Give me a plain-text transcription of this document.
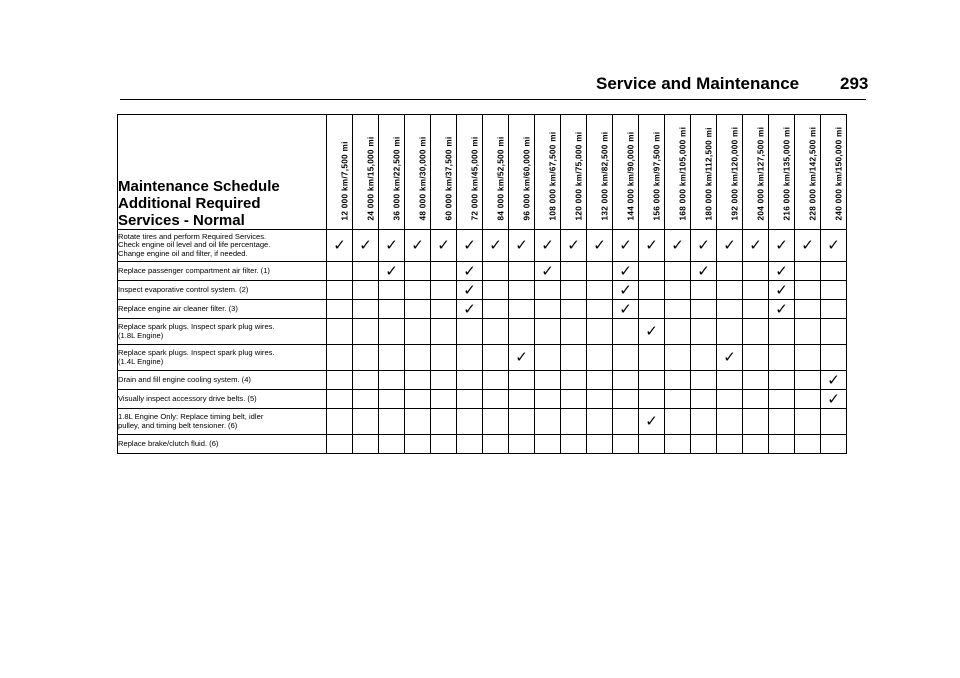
Service and Maintenance 293
Maintenance Schedule
Additional Required
Services - Normal	12 000 km/7,500 mi	24 000 km/15,000 mi	36 000 km/22,500 mi	48 000 km/30,000 mi	60 000 km/37,500 mi	72 000 km/45,000 mi	84 000 km/52,500 mi	96 000 km/60,000 mi	108 000 km/67,500 mi	120 000 km/75,000 mi	132 000 km/82,500 mi	144 000 km/90,000 mi	156 000 km/97,500 mi	168 000 km/105,000 mi	180 000 km/112,500 mi	192 000 km/120,000 mi	204 000 km/127,500 mi	216 000 km/135,000 mi	228 000 km/142,500 mi	240 000 km/150,000 mi

Rotate tires and perform Required Services.
Check engine oil level and oil life percentage.
Change engine oil and filter, if needed.	✓	✓	✓	✓	✓	✓	✓	✓	✓	✓	✓	✓	✓	✓	✓	✓	✓	✓	✓	✓

Replace passenger compartment air filter. (1)			✓			✓			✓			✓			✓			✓		

Inspect evaporative control system. (2)						✓						✓						✓		

Replace engine air cleaner filter. (3)						✓						✓						✓		

Replace spark plugs. Inspect spark plug wires.
(1.8L Engine)													✓							

Replace spark plugs. Inspect spark plug wires.
(1.4L Engine)								✓								✓				

Drain and fill engine cooling system. (4)																				✓

Visually inspect accessory drive belts. (5)																				✓

1.8L Engine Only: Replace timing belt, idler
pulley, and timing belt tensioner. (6)													✓							

Replace brake/clutch fluid. (6)																				
